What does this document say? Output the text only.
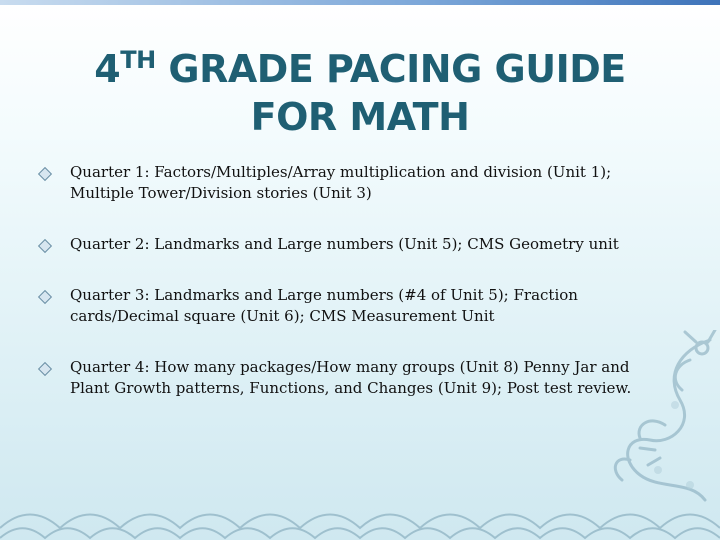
4TH GRADE PACING GUIDE
FOR MATH
Quarter 1: Factors/Multiples/Array multiplication and division (Unit 1); Multiple Tower/Division stories (Unit 3)
Quarter 2: Landmarks and Large numbers (Unit 5); CMS Geometry unit
Quarter 3: Landmarks and Large numbers (#4 of Unit 5); Fraction cards/Decimal square (Unit 6); CMS Measurement Unit
Quarter 4: How many packages/How many groups (Unit 8) Penny Jar and Plant Growth patterns, Functions, and Changes (Unit 9); Post test review.
